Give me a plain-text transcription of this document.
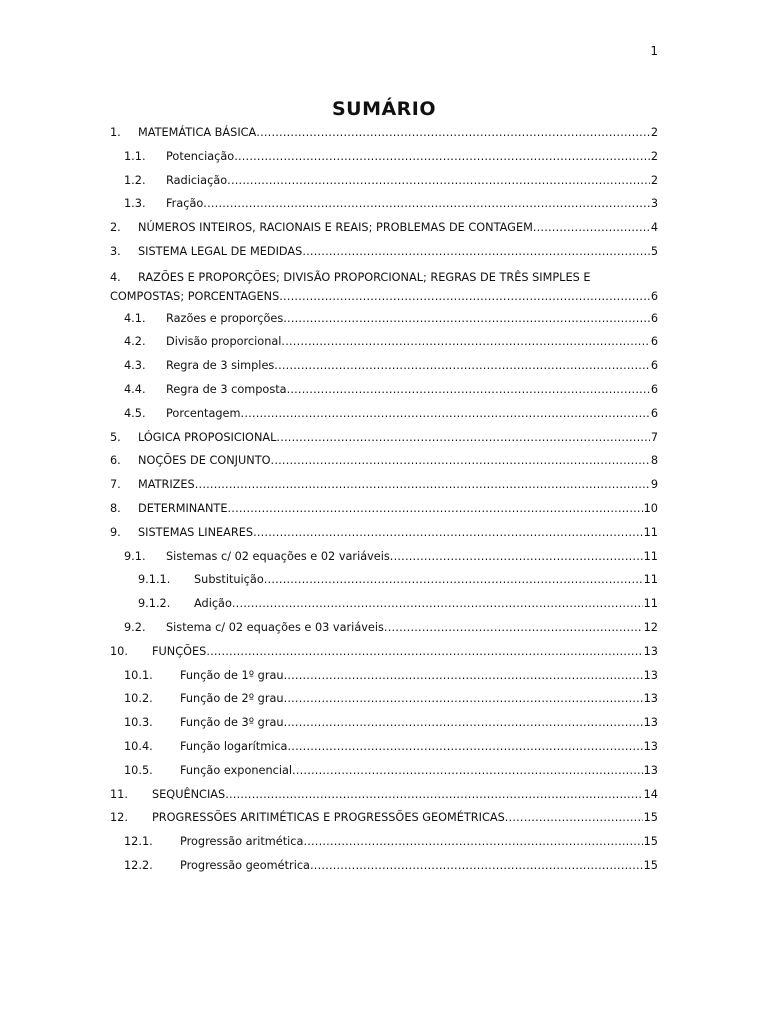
1
SUMÁRIO
1.	MATEMÁTICA BÁSICA .....	2
1.1.	Potenciação .....	2
1.2.	Radiciação .....	2
1.3.	Fração .....	3
2.	NÚMEROS INTEIROS, RACIONAIS E REAIS; PROBLEMAS DE CONTAGEM .....	4
3.	SISTEMA LEGAL DE MEDIDAS .....	5
4. RAZÕES E PROPORÇÕES; DIVISÃO PROPORCIONAL; REGRAS DE TRÊS SIMPLES E
COMPOSTAS; PORCENTAGENS .....	6
4.1.	Razões e proporções .....	6
4.2.	Divisão proporcional .....	6
4.3.	Regra de 3 simples .....	6
4.4.	Regra de 3 composta .....	6
4.5.	Porcentagem .....	6
5.	LÓGICA PROPOSICIONAL .....	7
6.	NOÇÕES DE CONJUNTO .....	8
7.	MATRIZES .....	9
8.	DETERMINANTE .....	10
9.	SISTEMAS LINEARES .....	11
9.1.	Sistemas c/ 02 equações e 02 variáveis .....	11
9.1.1.	Substituição .....	11
9.1.2.	Adição .....	11
9.2.	Sistema c/ 02 equações e 03 variáveis .....	12
10.	FUNÇÕES .....	13
10.1.	Função de 1º grau .....	13
10.2.	Função de 2º grau .....	13
10.3.	Função de 3º grau .....	13
10.4.	Função logarítmica .....	13
10.5.	Função exponencial .....	13
11.	SEQUÊNCIAS .....	14
12.	PROGRESSÕES ARITIMÉTICAS E PROGRESSÕES GEOMÉTRICAS .....	15
12.1.	Progressão aritmética .....	15
12.2.	Progressão geométrica .....	15
